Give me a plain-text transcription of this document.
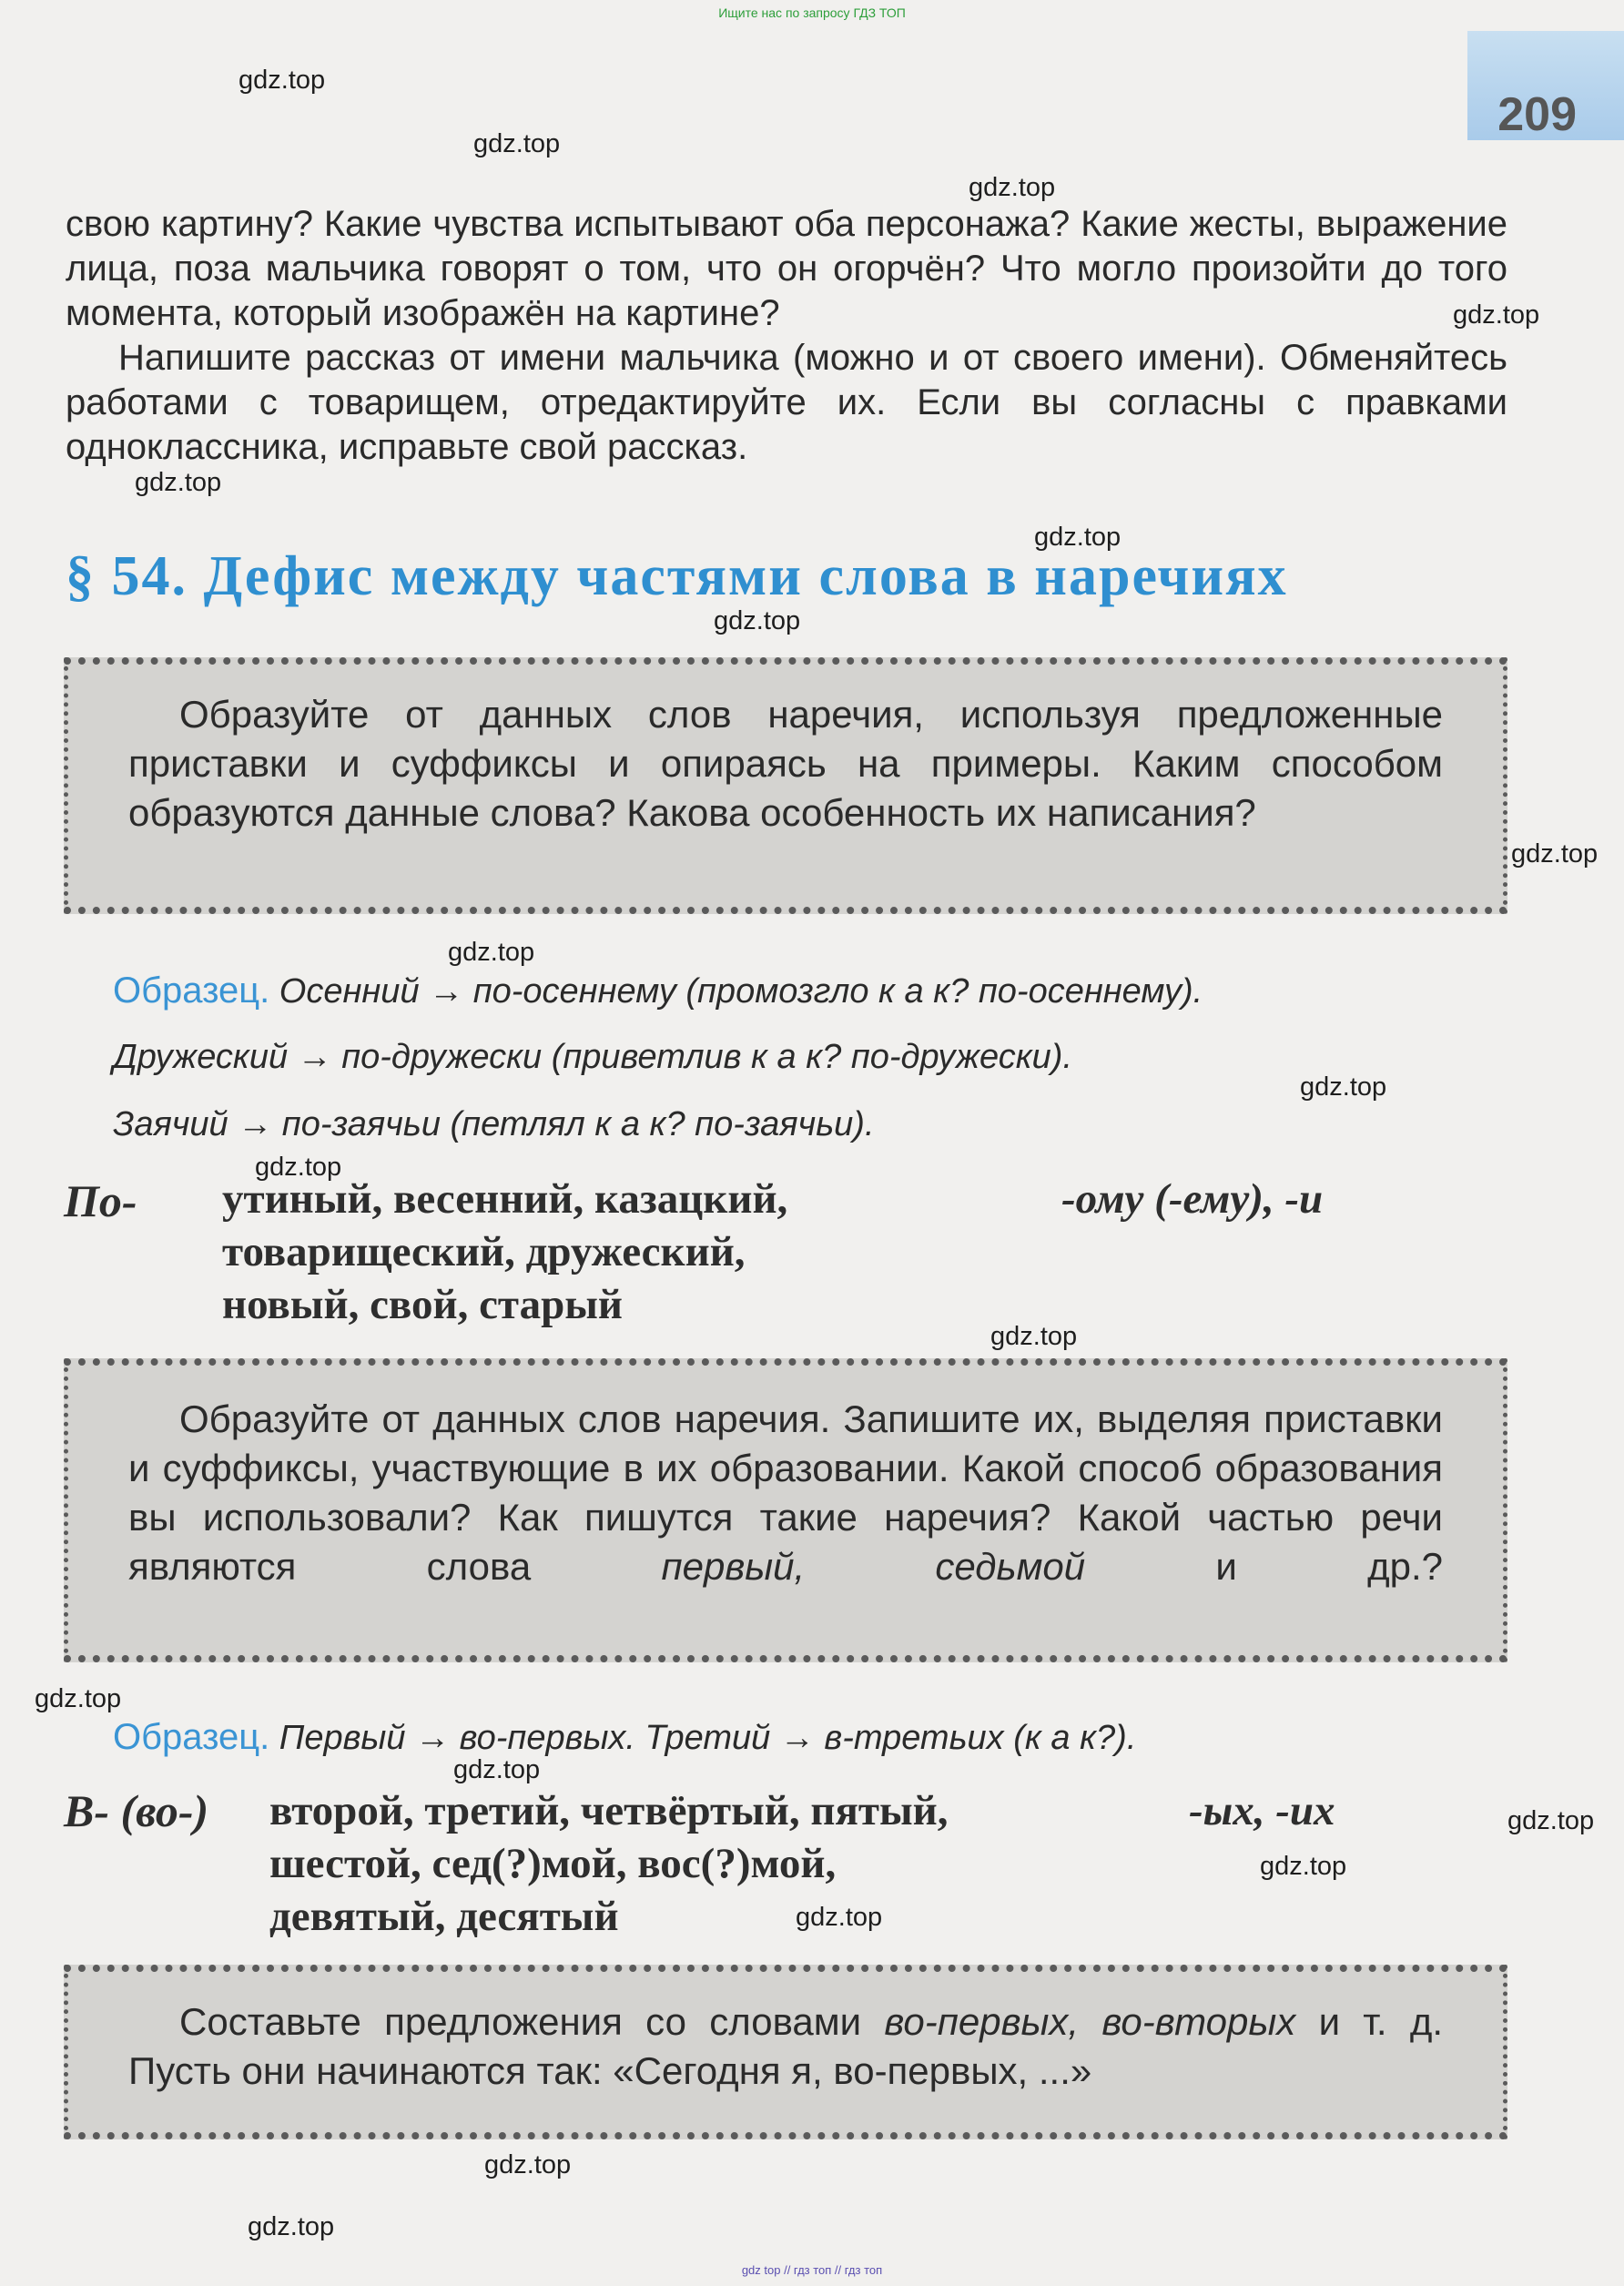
Ищите нас по запросу ГДЗ ТОП
209
gdz.top
gdz.top
gdz.top
gdz.top
gdz.top
gdz.top
gdz.top
gdz.top
gdz.top
gdz.top
gdz.top
gdz.top
gdz.top
gdz.top
gdz.top
gdz.top
gdz.top
gdz.top
gdz.top

свою картину? Какие чувства испытывают оба персонажа? Какие жесты, выражение лица, поза мальчика говорят о том, что он огорчён? Что могло произойти до того момента, который изображён на картине?

Напишите рассказ от имени мальчика (можно и от своего имени). Обменяйтесь работами с товарищем, отредактируйте их. Если вы согласны с правками одноклассника, исправьте свой рассказ.

§ 54. Дефис между частями слова в наречиях

Образуйте от данных слов наречия, используя предложенные приставки и суффиксы и опираясь на примеры. Каким способом образуются данные слова? Какова особенность их написания?

Образец. Осенний → по-осеннему (промозгло к а к? по-осеннему).
Дружеский → по-дружески (приветлив к а к? по-дружески).
Заячий → по-заячьи (петлял к а к? по-заячьи).
По- утиный, весенний, казацкий,
товарищеский, дружеский,
новый, свой, старый
-ому (-ему), -и

Образуйте от данных слов наречия. Запишите их, выделяя приставки и суффиксы, участвующие в их образовании. Какой способ образования вы использовали? Как пишутся такие наречия? Какой частью речи являются слова	первый, седьмой	и др.?

Образец. Первый → во-первых. Третий → в-третьих (к а к?).
В- (во-) второй, третий, четвёртый, пятый,
шестой, сед(?)мой, вос(?)мой,
девятый, десятый
-ых, -их

Составьте предложения со словами во-первых, во-вторых и т. д. Пусть они начинаются так: «Сегодня я, во-первых, ...»

gdz top // гдз топ // гдз топ
